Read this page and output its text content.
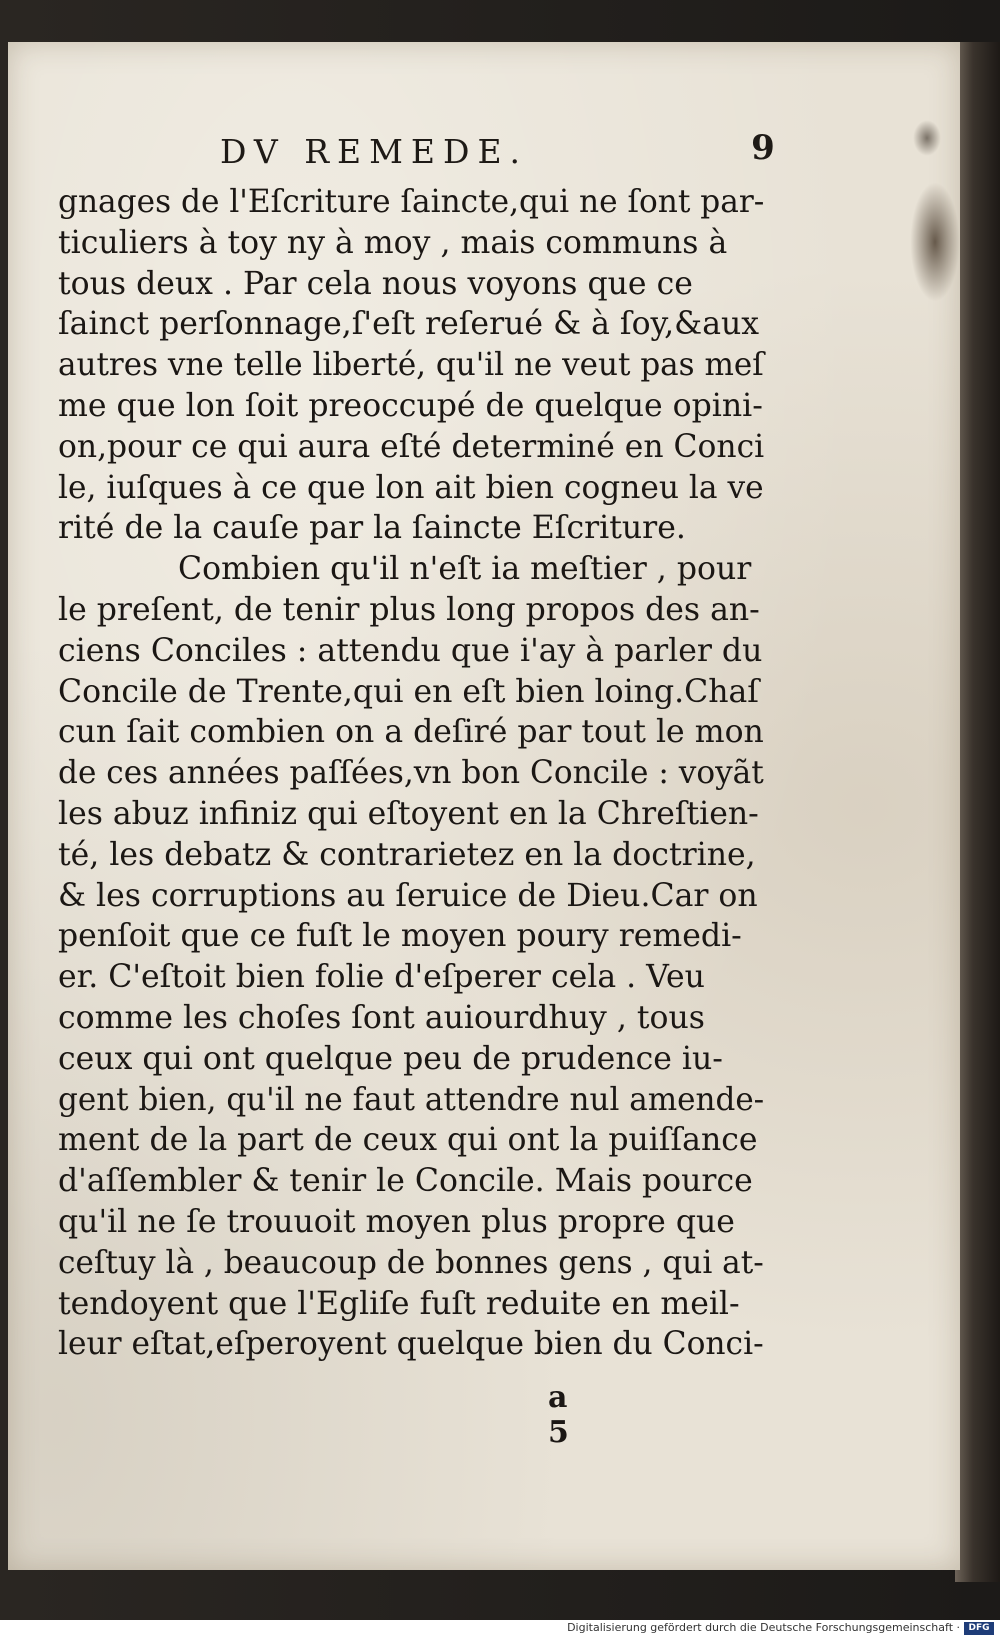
DV REMEDE.	9
gnages de l'Eſcriture ſaincte,qui ne ſont par-
ticuliers à toy ny à moy , mais communs à
tous deux . Par cela nous voyons que ce
ſainct perſonnage,ſ'eſt reſerué & à ſoy,&aux
autres vne telle liberté, qu'il ne veut pas meſ
me que lon ſoit preoccupé de quelque opini-
on,pour ce qui aura eſté determiné en Conci
le, iuſques à ce que lon ait bien cogneu la ve
rité de la cauſe par la ſaincte Eſcriture.
Combien qu'il n'eſt ia meſtier , pour
le preſent, de tenir plus long propos des an-
ciens Conciles : attendu que i'ay à parler du
Concile de Trente,qui en eſt bien loing.Chaſ
cun ſait combien on a deſiré par tout le mon
de ces années paſſées,vn bon Concile : voyãt
les abuz infiniz qui eſtoyent en la Chreſtien-
té, les debatz & contrarietez en la doctrine,
& les corruptions au ſeruice de Dieu.Car on
penſoit que ce fuſt le moyen poury remedi-
er. C'eſtoit bien folie d'eſperer cela . Veu
comme les choſes ſont auiourdhuy , tous
ceux qui ont quelque peu de prudence iu-
gent bien, qu'il ne faut attendre nul amende-
ment de la part de ceux qui ont la puiſſance
d'aſſembler & tenir le Concile. Mais pource
qu'il ne ſe trouuoit moyen plus propre que
ceſtuy là , beaucoup de bonnes gens , qui at-
tendoyent que l'Egliſe fuſt reduite en meil-
leur eſtat,eſperoyent quelque bien du Conci-
a 5
Digitalisierung gefördert durch die Deutsche Forschungsgemeinschaft · DFG
